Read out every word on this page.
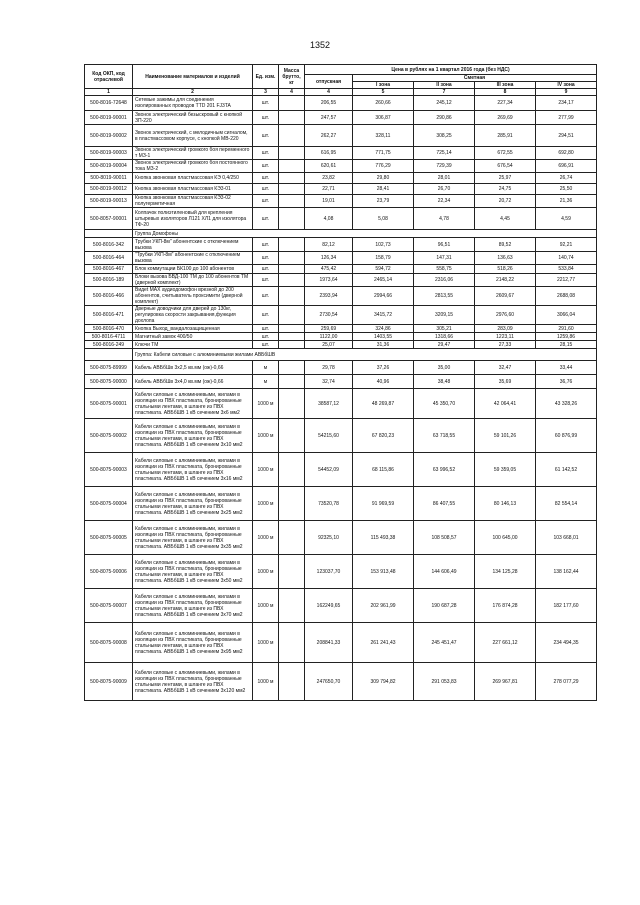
1352
Код ОКП, код отраслевой	Наименование материалов и изделий	Ед. изм.	Масса брутто, кг	Цена в рублях на 1 квартал 2016 года (без НДС)				
				отпускная	Сметная			
					I зона	II зона	III зона	IV зона
1	2	3	4	4	5	7	8	9
500-8016-72648	Сетевые зажимы для соединения изолированных проводов ТТD 201 FJ3TA	шт.		206,55	260,66	245,12	227,34	234,17
500-8019-90001	Звонок электрический безыскровый с кнопкой ЗП-220	шт.		247,57	306,87	290,86	269,69	277,99
500-8019-90002	Звонок электрический, с мелодичным сигналом, в пластмассовом корпусе, с кнопкой МВ-220	шт.		262,27	328,11	308,25	285,91	294,51
500-8019-90003	Звонок электрический громкого боя переменного т МЗ-1	шт.		616,95	771,75	725,14	672,55	692,80
500-8019-90004	Звонок электрический громкого боя постоянного тока МЗ-2	шт.		620,61	776,29	729,39	676,54	696,91
500-8019-90011	Кнопка звонковая пластмассовая КЭ 0,4/250	шт.		23,82	29,80	28,01	25,97	26,74
500-8019-90012	Кнопка звонковая пластмассовая КЭ3-01	шт.		22,71	28,41	26,70	24,75	25,50
500-8019-90013	Кнопка звонковая пластмассовая КЭ3-02 полугерметичная	шт.		19,01	23,79	22,34	20,72	21,36
500-8057-90001	Колпачок полиэтиленовый для крепления штыревых изоляторов Л121 ХЛ1 для изолятора ТФ-20	шт.		4,08	5,08	4,78	4,45	4,59
	Группа Домофоны							
500-8016-342	Трубки УКП-8м" абонентские с отключением вызова	шт.		82,12	102,73	96,51	89,52	92,21
500-8016-464	"Трубки УКП-8м" абонентские с отключением вызова	шт.		126,34	158,79	147,31	136,63	140,74
500-8016-467	Блок коммутации БК100 до 100 абонентов	шт.		475,42	594,72	558,75	518,26	533,84
500-8016-189	Блоки вызова БВД-100 ТМ до 100 абонентов ТМ (дверной комплект)	шт.		1973,64	2465,14	2316,06	2148,22	2212,77
500-8016-466	Видеt MAX аудиодомофон врезной до 200 абонентов, считыватель проксимити (дверной комплект)	шт.		2393,94	2994,66	2813,55	2609,67	2688,08
500-8016-471	Дверные доводчики для дверей до 130кг, регулировка скорости закрывания,функция дохлопа	шт.		2730,54	3415,72	3209,15	2976,60	3066,04
500-8016-470	Кнопка Выход_вандалозащищенная	шт.		259,69	324,86	305,21	283,09	291,60
500-8016-4711	Магнитный замок 400/50	шт.		1122,00	1403,55	1318,66	1223,11	1259,86
500-8016-249	Ключи ТМ	шт.		25,07	31,36	29,47	27,33	28,15
	Группа: Кабели силовые с алюминиевыми жилами АВБбШВ							
500-8075-89999	Кабель АВБбШв 3х2,5 кв.мм (ож)-0,66	м		29,78	37,26	35,00	32,47	33,44
500-8075-90000	Кабель АВБбШв 3х4,0 кв.мм (ож)-0,66	м		32,74	40,96	38,48	35,69	36,76
500-8075-90001	Кабели силовые с алюминиевыми, жилами в изоляции из ПВХ пластиката, бронированные стальными лентами, в шланге из ПВХ пластиката. АВБбШВ 1 кВ сечением 3х6 мм2	1000 м		38587,12	48 269,87	45 350,70	42 064,41	43 328,26
500-8075-90002	Кабели силовые с алюминиевыми, жилами в изоляции из ПВХ пластиката, бронированные стальными лентами, в шланге из ПВХ пластиката. АВБбШВ 1 кВ сечением 3х10 мм2	1000 м		54215,60	67 820,23	63 718,55	59 101,26	60 876,99
500-8075-90003	Кабели силовые с алюминиевыми, жилами в изоляции из ПВХ пластиката, бронированные стальными лентами, в шланге из ПВХ пластиката. АВБбШВ 1 кВ сечением 3х16 мм2	1000 м		54452,09	68 115,86	63 996,52	59 359,05	61 142,52
500-8075-90004	Кабели силовые с алюминиевыми, жилами в изоляции из ПВХ пластиката, бронированные стальными лентами, в шланге из ПВХ пластиката. АВБбШВ 1 кВ сечением 3х25 мм2	1000 м		73520,78	91 969,59	86 407,55	80 146,13	82 554,14
500-8075-90005	Кабели силовые с алюминиевыми, жилами в изоляции из ПВХ пластиката, бронированные стальными лентами, в шланге из ПВХ пластиката. АВБбШВ 1 кВ сечением 3х35 мм2	1000 м		92325,10	115 493,38	108 508,57	100 645,00	103 668,01
500-8075-90006	Кабели силовые с алюминиевыми, жилами в изоляции из ПВХ пластиката, бронированные стальными лентами, в шланге из ПВХ пластиката. АВБбШВ 1 кВ сечением 3х50 мм2	1000 м		123037,70	153 913,48	144 606,49	134 125,28	138 162,44
500-8075-90007	Кабели силовые с алюминиевыми, жилами в изоляции из ПВХ пластиката, бронированные стальными лентами, в шланге из ПВХ пластиката. АВБбШВ 1 кВ сечением 3х70 мм2	1000 м		162249,65	202 961,99	190 687,28	176 874,28	182 177,60
500-8075-90008	Кабели силовые с алюминиевыми, жилами в изоляции из ПВХ пластиката, бронированные стальными лентами, в шланге из ПВХ пластиката. АВБбШВ 1 кВ сечением 3х95 мм2	1000 м		208841,33	261 241,43	245 451,47	227 661,12	234 494,35
500-8075-90009	Кабели силовые с алюминиевыми, жилами в изоляции из ПВХ пластиката, бронированные стальными лентами, в шланге из ПВХ пластиката. АВБбШВ 1 кВ сечением 3х120 мм2	1000 м		247650,70	309 794,82	291 053,83	269 967,81	278 077,29
